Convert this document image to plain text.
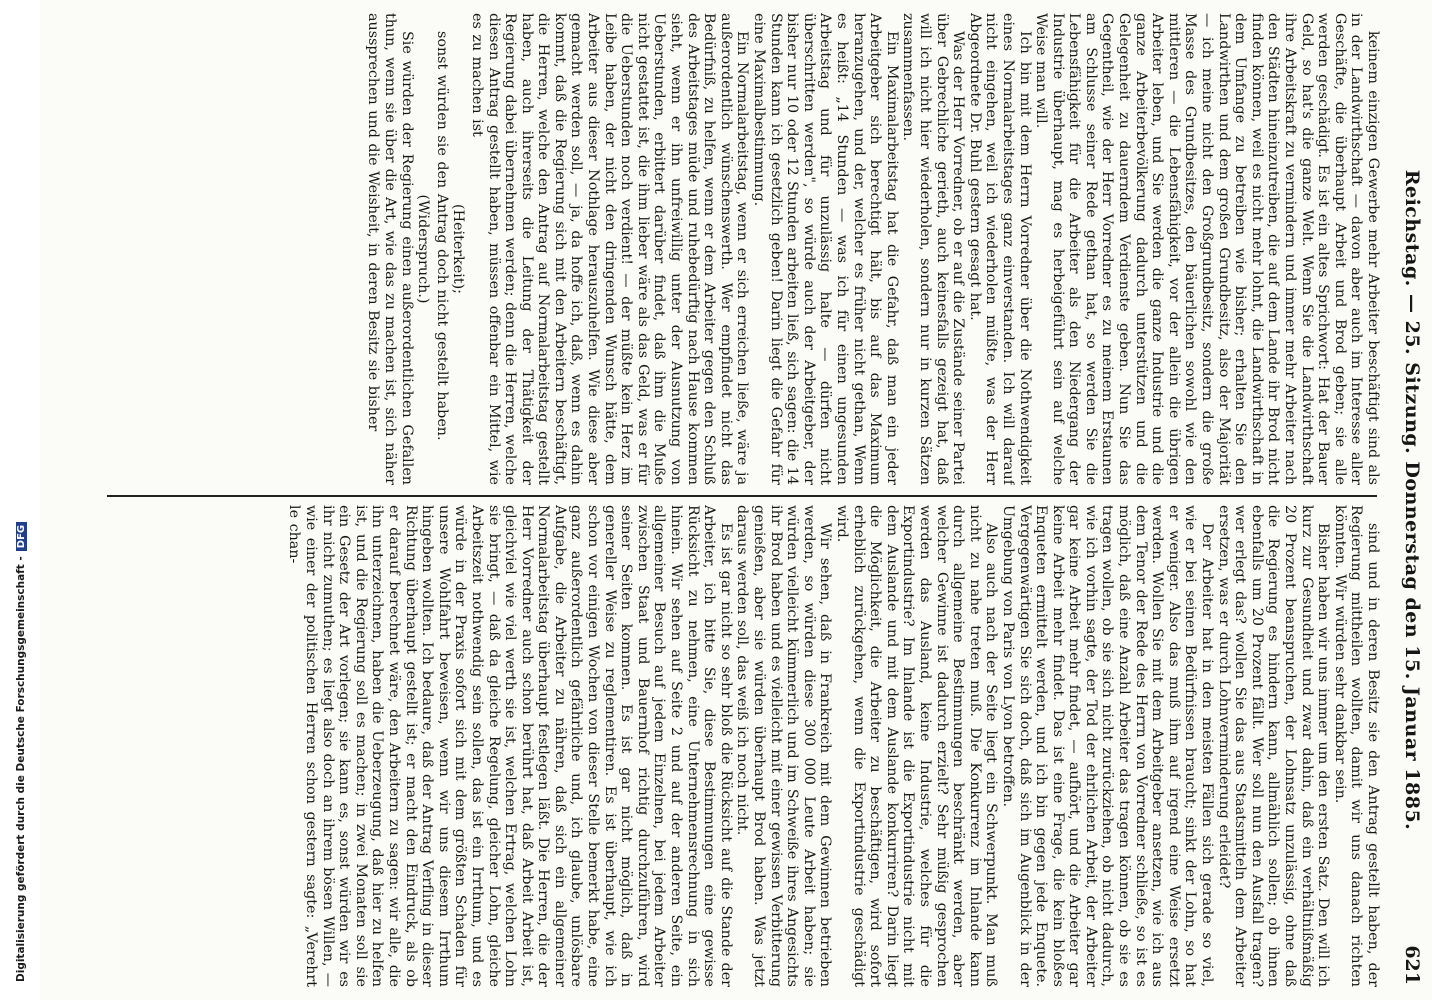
Digitalisierung gefördert durch die Deutsche Forschungsgemeinschaft -DFG	Reichstag. — 25. Sitzung. Donnerstag den 15. Januar 1885.
621

keinem einzigen Gewerbe mehr Arbeiter beschäftigt sind als in der Landwirthschaft — davon aber auch im Interesse aller Geschäfte, die überhaupt Arbeit und Brod geben; sie alle werden geschädigt. Es ist ein altes Sprichwort: Hat der Bauer Geld, so hat's die ganze Welt. Wenn Sie die Landwirthschaft ihre Arbeitskraft zu vermindern und immer mehr Arbeiter nach den Städten hineinzutreiben, die auf dem Lande ihr Brod nicht finden können, weil es nicht mehr lohnt, die Landwirthschaft in dem Umfange zu betreiben wie bisher; erhalten Sie den Landwirthen und dem großen Grundbesitz, also der Majorität — ich meine nicht den Großgrundbesitz, sondern die große Masse des Grundbesitzes, den bäuerlichen sowohl wie den mittleren — die Lebensfähigkeit, vor der allein die übrigen Arbeiter leben, und Sie werden die ganze Industrie und die ganze Arbeiterbevölkerung dadurch unterstützen und die Gelegenheit zu dauerndem Verdienste geben. Nun Sie das Gegentheil, wie der Herr Vorredner es zu meinem Erstaunen am Schlusse seiner Rede gethan hat, so werden Sie die Lebensfähigkeit für die Arbeiter als den Niedergang der Industrie überhaupt, mag es herbeigeführt sein auf welche Weise man will.

Ich bin mit dem Herrn Vorredner über die Nothwendigkeit eines Normalarbeitstages ganz einverstanden. Ich will darauf nicht eingehen, weil ich wiederholen müßte, was der Herr Abgeordnete Dr. Buhl gestern gesagt hat.

Was der Herr Vorredner, ob er auf die Zustände seiner Partei über Gebrechliche gerieth, auch keinesfalls gezeigt hat, daß will ich nicht hier wiederholen, sondern nur in kurzen Sätzen zusammenfassen.

Ein Maximalarbeitstag hat die Gefahr, daß man ein jeder Arbeitgeber sich berechtigt hält, bis auf das Maximum heranzugehen, und der, welcher es früher nicht gethan, Wenn es heißt: „14 Stunden — was ich für einen ungesunden Arbeitstag und für unzulässig halte — dürfen nicht überschritten werden", so würde auch der Arbeitgeber, der bisher nur 10 oder 12 Stunden arbeiten ließ, sich sagen: die 14 Stunden kann ich gesetzlich geben! Darin liegt die Gefahr für eine Maximalbestimmung.

Ein Normalarbeitstag, wenn er sich erreichen ließe, wäre ja außerordentlich wünschenswerth. Wer empfindet nicht das Bedürfniß, zu helfen, wenn er dem Arbeiter gegen den Schluß des Arbeitstages müde und ruhebedürftig nach Hause kommen sieht, wenn er ihn unfreiwillig unter der Ausnutzung von Ueberstunden, erbittert darüber findet, daß ihm die Muße nicht gestattet ist, die ihm lieber wäre als das Geld, was er für die Ueberstunden noch verdient! — der müßte kein Herz im Leibe haben, der nicht den dringenden Wunsch hätte, dem Arbeiter aus dieser Nothlage herauszuhelfen. Wie diese aber gemacht werden soll, — ja, da hoffe ich, daß, wenn es dahin kommt, daß die Regierung sich mit den Arbeitern beschäftigt, die Herren, welche den Antrag auf Normalarbeitstag gestellt haben, auch ihrerseits die Leitung der Thätigkeit der Regierung dabei übernehmen werden; denn die Herren, welche diesen Antrag gestellt haben, müssen offenbar ein Mittel, wie es zu machen ist

(Heiterkeit);

sonst würden sie den Antrag doch nicht gestellt haben.

(Widerspruch.)

Sie würden der Regierung einen außerordentlichen Gefallen thun, wenn sie über die Art, wie das zu machen ist, sich näher aussprechen und die Weisheit, in deren Besitz sie bisher

sind und in deren Besitz sie den Antrag gestellt haben, der Regierung mittheilen wollten, damit wir uns danach richten könnten. Wir würden sehr dankbar sein.

Bisher haben wir uns immer um den ersten Satz. Den will ich kurz zur Gesundheit und zwar dahin, daß ein verhältnißmäßig 20 Prozent beanspruchen, der Lohnsatz unzulässig, ohne daß die Regierung es hindern kann, allmählich sollen; ob ihnen ebenfalls um 20 Prozent fällt. Wer soll nun den Ausfall tragen? wer erlegt das? wollen Sie das aus Staatsmitteln dem Arbeiter ersetzen, was er durch Lohnverminderung erleidet?

Der Arbeiter hat in den meisten Fällen sich gerade so viel, wie er bei seinen Bedürfnissen braucht; sinkt der Lohn, so hat er weniger. Also das muß ihm auf irgend eine Weise ersetzt werden. Wollen Sie mit dem Arbeitgeber ansetzen, wie ich aus dem Tenor der Rede des Herrn von Vorredner schließe, so ist es möglich, daß eine Anzahl Arbeiter das tragen können, ob sie es tragen wollen, ob sie sich nicht zurückziehen, ob nicht dadurch, wie ich vorhin sagte, der Tod der ehrlichen Arbeit, der Arbeiter gar keine Arbeit mehr findet, — aufhört, und die Arbeiter gar keine Arbeit mehr findet. Das ist eine Frage, die kein bloßes Enqueten ermittelt werden, und ich bin gegen jede Enquete. Vergegenwärtigen Sie sich doch, daß sich im Augenblick in der Umgebung von Paris von Lyon betroffen.

Also auch nach der Seite liegt ein Schwerpunkt. Man muß nicht zu nahe treten muß. Die Konkurrenz im Inlande kann durch allgemeine Bestimmungen beschränkt werden, aber welcher Gewinne ist dadurch erzielt? Sehr müßig gesprochen werden das Ausland, keine Industrie, welches für die Exportindustrie? Im Inlande ist die Exportindustrie nicht mit dem Auslande und mit dem Auslande konkurriren? Darin liegt die Möglichkeit, die Arbeiter zu beschäftigen, wird sofort erheblich zurückgehen, wenn die Exportindustrie geschädigt wird.

Wir sehen, daß in Frankreich mit dem Gewinnen betrieben werden, so würden diese 300 000 Leute Arbeit haben; sie würden vielleicht kümmerlich und im Schweiße ihres Angesichts ihr Brod haben und es vielleicht mit einer gewissen Verbitterung genießen, aber sie würden überhaupt Brod haben. Was jetzt daraus werden soll, das weiß ich noch nicht.

Es ist gar nicht so sehr bloß die Rücksicht auf die Stande der Arbeiter, ich bitte Sie, diese Bestimmungen eine gewisse Rücksicht zu nehmen, eine Unternehmensrechnung in sich hinein. Wir sehen auf Seite 2 und auf der anderen Seite, ein allgemeiner Besuch auf jedem Einzelnen, bei jedem Arbeiter zwischen Staat und Bauernhof richtig durchzuführen, wird seiner Seiten kommen. Es ist gar nicht möglich, daß in genereller Weise zu reglementiren. Es ist überhaupt, wie ich schon vor einigen Wochen von dieser Stelle bemerkt habe, eine ganz außerordentlich gefährliche und, ich glaube, unlösbare Aufgabe, die Arbeiter zu nähren, daß sich ein allgemeiner Normalarbeitstag überhaupt festlegen läßt. Die Herren, die der Herr Vorredner auch schon berührt hat, daß Arbeit Arbeit ist, gleichviel wie viel werth sie ist, welchen Ertrag, welchen Lohn sie bringt, — daß da gleiche Regelung, gleicher Lohn, gleiche Arbeitszeit nothwendig sein sollen, das ist ein Irrthum, und es würde in der Praxis sofort sich mit dem größten Schaden für unsere Wohlfahrt beweisen, wenn wir uns diesem Irrthum hingeben wollten. Ich bedaure, daß der Antrag Verfling in dieser Richtung überhaupt gestellt ist; er macht den Eindruck, als ob er darauf berechnet wäre, den Arbeitern zu sagen: wir alle, die ihn unterzeichnen, haben die Ueberzeugung, daß hier zu helfen ist, und die Regierung soll es machen; in zwei Monaten soll sie ein Gesetz der Art vorlegen; sie kann es, sonst würden wir es ihr nicht zumuthen; es liegt also doch an ihrem bösen Willen, — wie einer der politischen Herren schon gestern sagte: „Verehrt le chan-
